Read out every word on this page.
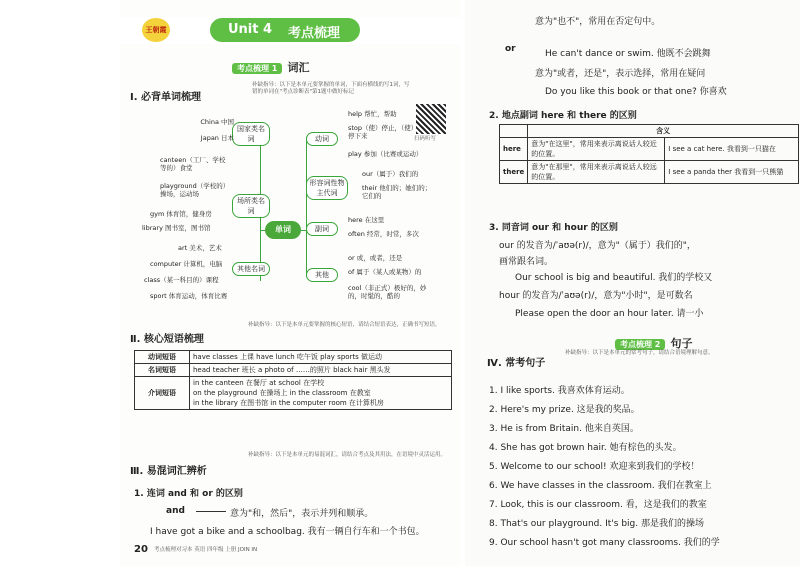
王朝霞	Unit 4 考点梳理
考点梳理 1 词汇
Ⅰ. 必背单词梳理
补缺指导：以下是本单元要掌握的单词，下面有横线的写1词，写错的单词在"考点诊断表"第1题中做好标记
扫码听写
单词
国家类名词
场所类名词
其他名词
China 中国
Japan 日本
canteen（工厂、学校等的）食堂
playground（学校的）操场，运动场
gym 体育馆，健身房
library 图书室，图书馆
art 美术，艺术
computer 计算机，电脑
class（某一科目的）课程
sport 体育运动，体育比赛
动词
形容词性物主代词
副词
其他
help 帮忙，帮助
stop（使）停止，（使）停下来
play 参加（比赛或运动）
our（属于）我们的
their 他们的；她们的；它们的
here 在这里
often 经常，时常，多次
or 或，或者，还是
of 属于（某人或某物）的
cool（非正式）极好的，妙的，时髦的，酷的
Ⅱ. 核心短语梳理
补缺指导：以下是本单元要掌握的核心短语，请结合短语表达，正确书写短语。
动词短语	have classes 上课 have lunch 吃午饭 play sports 做运动
名词短语	head teacher 班长 a photo of ……的照片 black hair 黑头发
介词短语	in the canteen 在餐厅 at school 在学校
on the playground 在操场上 in the classroom 在教室
in the library 在图书馆 in the computer room 在计算机房
Ⅲ. 易混词汇辨析
补缺指导：以下是本单元的易混词汇，请结合考点及其用法，在语境中灵活运用。
1. 连词 and 和 or 的区别
and	意为"和，然后"，表示并列和顺承。
I have got a bike and a schoolbag. 我有一辆自行车和一个书包。
20 考点梳理对习本 英语 四年级 上册 JOIN IN
意为"也不"，常用在否定句中。
or	He can't dance or swim. 他既不会跳舞
意为"或者，还是"，表示选择，常用在疑问
Do you like this book or that one? 你喜欢
2. 地点副词 here 和 there 的区别
	含义	
here	意为"在这里"，常用来表示离说话人较近的位置。	I see a cat here. 我看到一只猫在
there	意为"在那里"，常用来表示离说话人较远的位置。	I see a panda ther 我看到一只熊猫
3. 同音词 our 和 hour 的区别
our 的发音为/ˈaʊə(r)/，意为"（属于）我们的"，
画常跟名词。
Our school is big and beautiful. 我们的学校又
hour 的发音为/ˈaʊə(r)/，意为"小时"，是可数名
Please open the door an hour later. 请一小
考点梳理 2 句子
Ⅳ. 常考句子
补缺指导：以下是本单元的常考句子，请结合语境理解句意。
1. I like sports. 我喜欢体育运动。
2. Here's my prize. 这是我的奖品。
3. He is from Britain. 他来自英国。
4. She has got brown hair. 她有棕色的头发。
5. Welcome to our school! 欢迎来到我们的学校！
6. We have classes in the classroom. 我们在教室上
7. Look, this is our classroom. 看，这是我们的教室
8. That's our playground. It's big. 那是我们的操场
9. Our school hasn't got many classrooms. 我们的学
